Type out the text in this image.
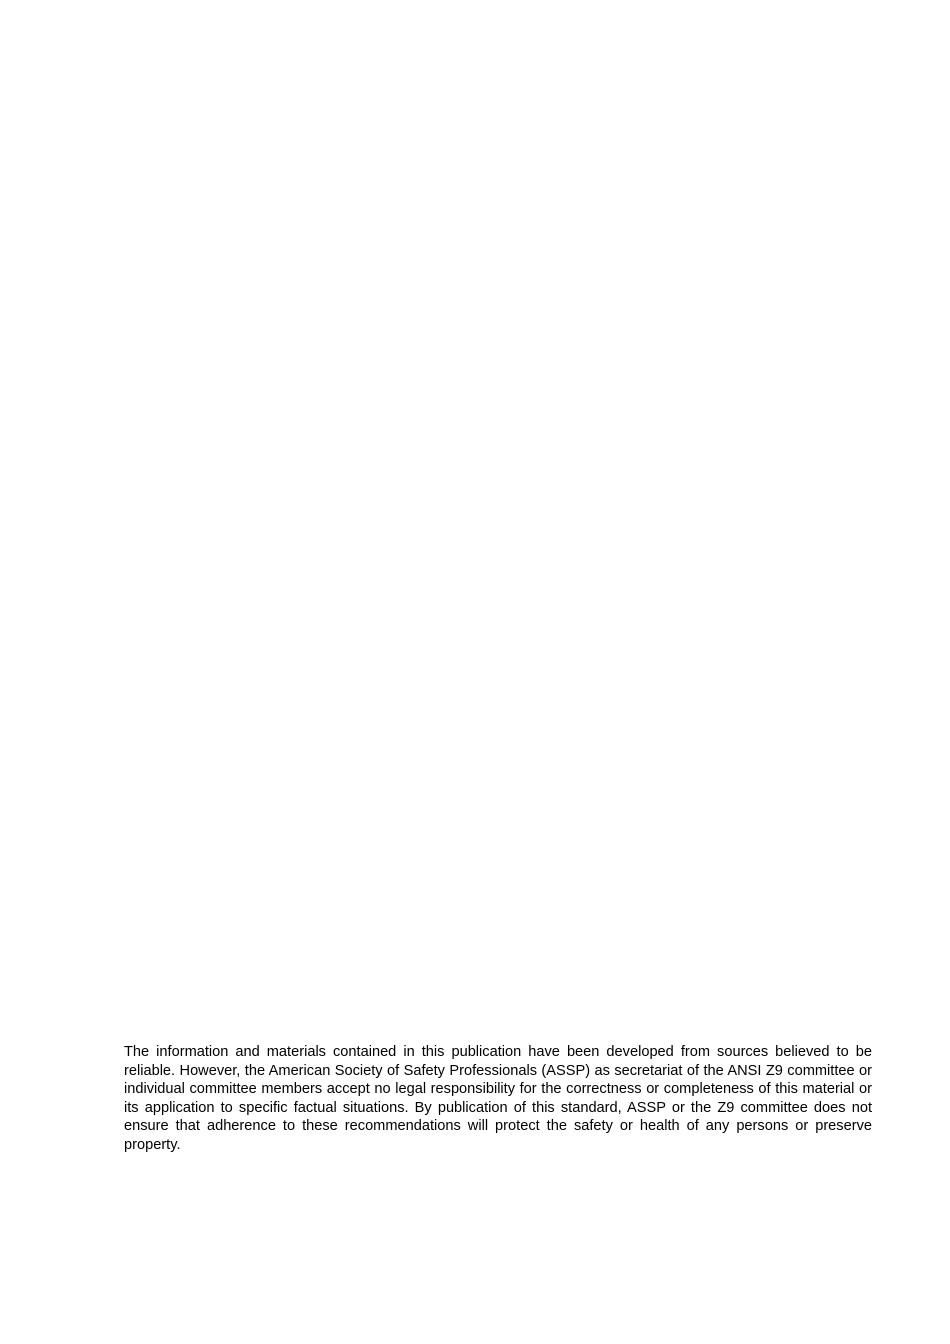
The information and materials contained in this publication have been developed from sources believed to be reliable. However, the American Society of Safety Professionals (ASSP) as secretariat of the ANSI Z9 committee or individual committee members accept no legal responsibility for the correctness or completeness of this material or its application to specific factual situations. By publication of this standard, ASSP or the Z9 committee does not ensure that adherence to these recommendations will protect the safety or health of any persons or preserve property.
